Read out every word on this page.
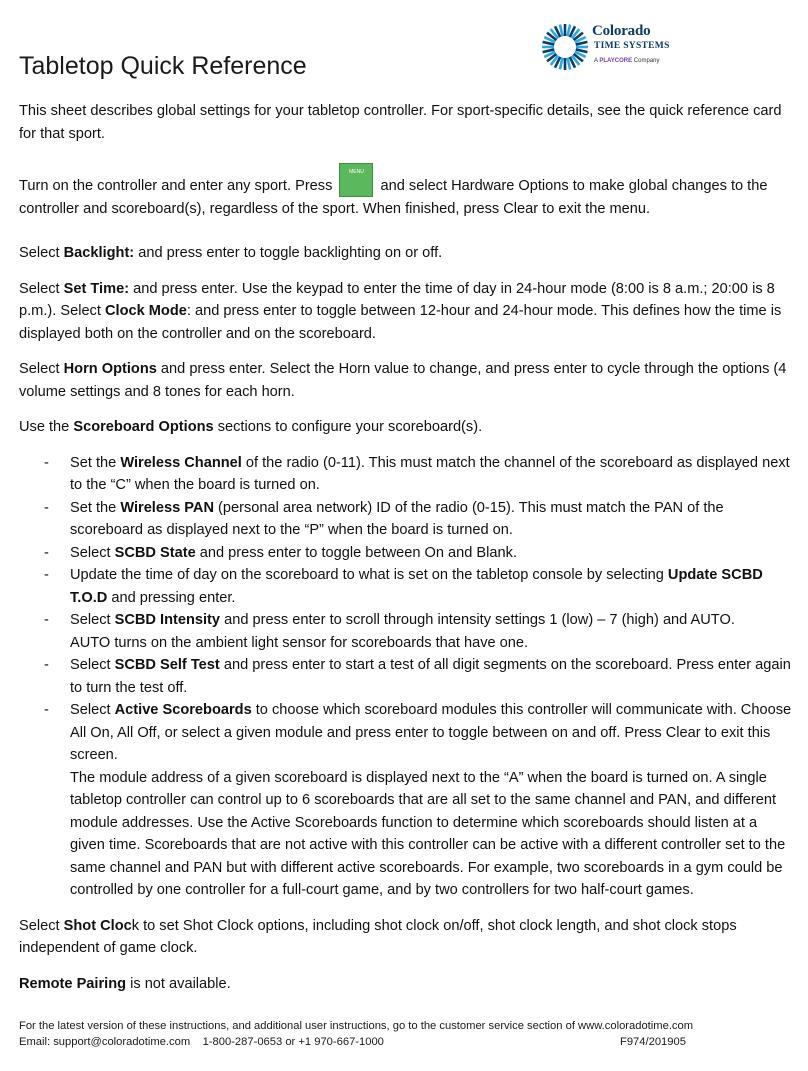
Colorado
TIME SYSTEMS
A PLAYCORE Company
Tabletop Quick Reference

This sheet describes global settings for your tabletop controller. For sport-specific details, see the quick reference card for that sport.

Turn on the controller and enter any sport. Press
MENU
and select Hardware Options to make global changes to the controller and scoreboard(s), regardless of the sport. When finished, press Clear to exit the menu.

Select Backlight: and press enter to toggle backlighting on or off.

Select Set Time: and press enter. Use the keypad to enter the time of day in 24-hour mode (8:00 is 8 a.m.; 20:00 is 8 p.m.). Select Clock Mode: and press enter to toggle between 12-hour and 24-hour mode. This defines how the time is displayed both on the controller and on the scoreboard.

Select Horn Options and press enter. Select the Horn value to change, and press enter to cycle through the options (4 volume settings and 8 tones for each horn.

Use the Scoreboard Options sections to configure your scoreboard(s).

- Set the Wireless Channel of the radio (0-11). This must match the channel of the scoreboard as displayed next to the “C” when the board is turned on.
- Set the Wireless PAN (personal area network) ID of the radio (0-15). This must match the PAN of the scoreboard as displayed next to the “P” when the board is turned on.
- Select SCBD State and press enter to toggle between On and Blank.
- Update the time of day on the scoreboard to what is set on the tabletop console by selecting Update SCBD T.O.D and pressing enter.
- Select SCBD Intensity and press enter to scroll through intensity settings 1 (low) – 7 (high) and AUTO.
AUTO turns on the ambient light sensor for scoreboards that have one.
- Select SCBD Self Test and press enter to start a test of all digit segments on the scoreboard. Press enter again to turn the test off.
- Select Active Scoreboards to choose which scoreboard modules this controller will communicate with. Choose All On, All Off, or select a given module and press enter to toggle between on and off. Press Clear to exit this screen.
The module address of a given scoreboard is displayed next to the “A” when the board is turned on. A single tabletop controller can control up to 6 scoreboards that are all set to the same channel and PAN, and different module addresses. Use the Active Scoreboards function to determine which scoreboards should listen at a given time. Scoreboards that are not active with this controller can be active with a different controller set to the same channel and PAN but with different active scoreboards. For example, two scoreboards in a gym could be controlled by one controller for a full-court game, and by two controllers for two half-court games.

Select Shot Clock to set Shot Clock options, including shot clock on/off, shot clock length, and shot clock stops independent of game clock.

Remote Pairing is not available.

For the latest version of these instructions, and additional user instructions, go to the customer service section of www.coloradotime.com
Email: support@coloradotime.com    1-800-287-0653 or +1 970-667-1000	F974/201905
